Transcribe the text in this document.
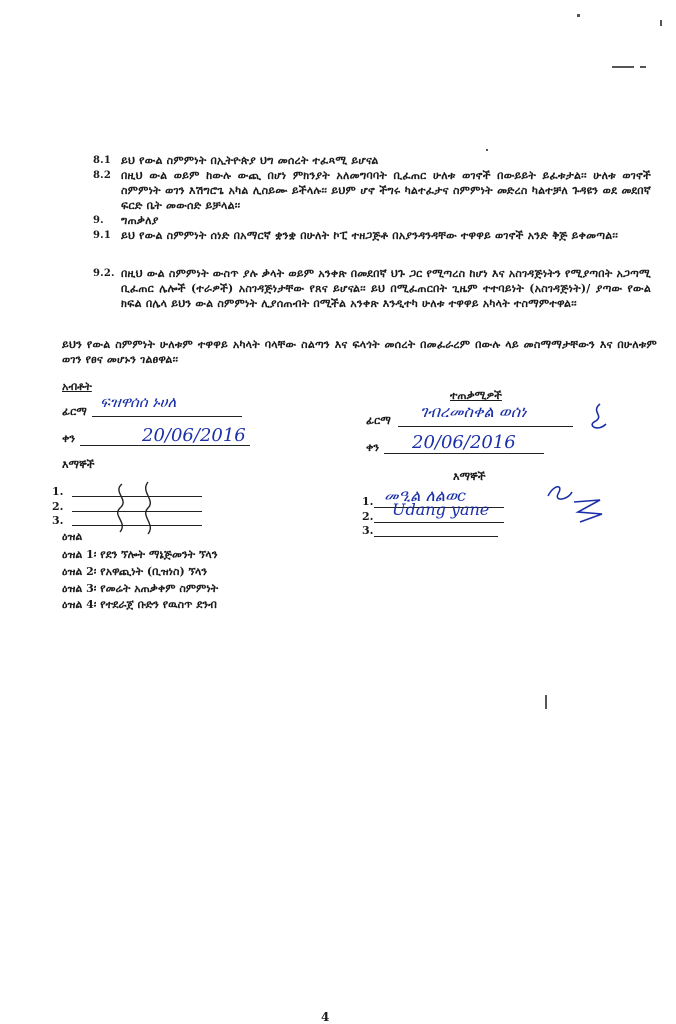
8.1 ይህ የውል ስምምነት በኢትዮጵያ ህግ መሰረት ተፈጻሚ ይሆናል
8.2 በዚህ ውል ወይም ከውሉ ውጪ በሆነ ምክንያት አለመግባባት ቢፈጠር ሁለቱ ወገኖች በውይይት ይፈቱታል፡፡ ሁለቱ ወገኖች ስምምነት ወገን እሽግሮጌ አካል ሊስይሙ ይችላሉ፡፡ ይህም ሆኖ ችግሩ ካልተፈታና ስምምነት መድረስ ካልተቻለ ጉዳዩን ወደ መደበኛ ፍርድ ቤት መውሰድ ይቻላል፡፡
9. ግጠቃለያ
9.1 ይህ የውል ስምምነት ሰነድ በአማርኛ ቋንቋ በሁለት ኮፒ ተዘጋጅቶ በአያንዳንዳቸው ተዋዋይ ወገኖች አንድ ቅጅ ይቀመጣል፡፡
9.2. በዚህ ውል ስምምነት ውስጥ ያሉ ቃላት ወይም አንቀጽ በመደበኛ ህጉ ጋር የሚጣረስ ከሆነ እና አስገዳጅነትን የሚያጣበት አጋጣሚ ቢፈጠር ሌሎች (ተራዎች) አስገዳጅነታቸው የጸና ይሆናል፡፡ ይህ በሚፈጠርበት ጊዜም ተተባይነት (አስገዳጅነት)/ ያጣው የውል ክፍል በሌላ ይህን ውል ስምምነት ሊያሰጠብት በሚችል አንቀጽ እንዲተካ ሁለቱ ተዋዋይ አካላት ተስማምተዋል፡፡
ይህን የውል ስምምነት ሁለቱም ተዋዋይ አካላት ባላቸው ስልጣን እና ፍላጎት መሰረት በመፈራረም በውሉ ላይ መስማማታቸውን እና በሁለቱም ወገን የፀና መሆኑን ገልፀዋል፡፡
አብቶት
ፊርማ
ፍዝዋሰሰ ኑሀለ
ቀን	20/06/2016
እማኞች
1.
2.
3.
ዕዝል
ዕዝል 1፡ የደን ኘሎት ማኔጅመንት ኘላን
ዕዝል 2፡ የአዋጪነት (ቢዝነስ) ኘላን
ዕዝል 3፡ የመሬት አጠቃቀም ስምምነት
ዕዝል 4፡ የተደራጀ ቡድን የዉስጥ ደንብ
ተጠቃሚዎች
ፊርማ ገብረመስቀል ወሰነ
ቀን 20/06/2016
እማኞች
1. መዒል ለልወc
2. Udang yane
3.
4
